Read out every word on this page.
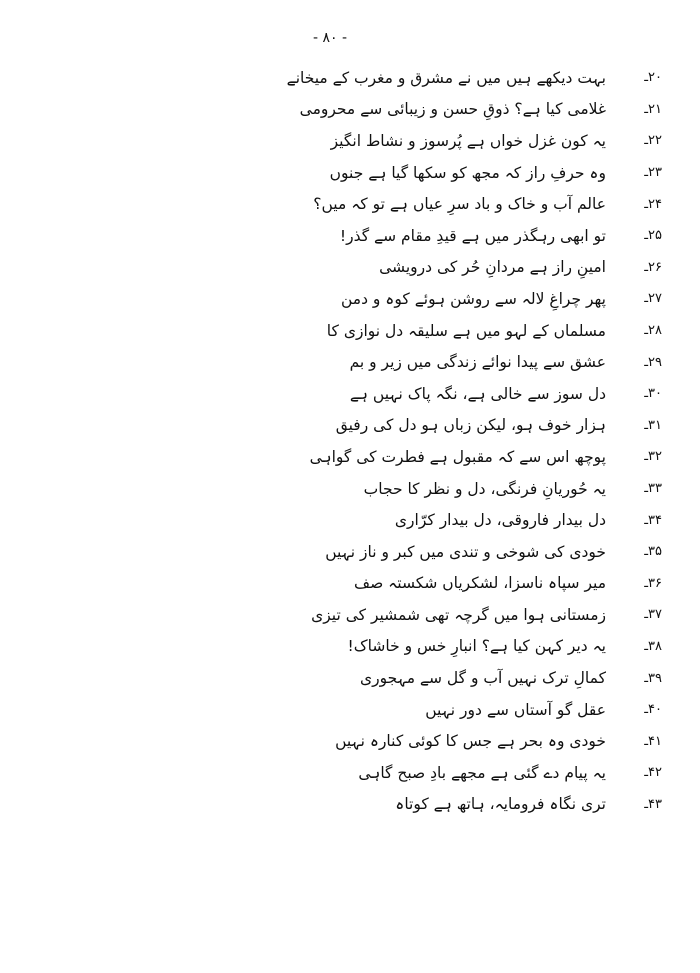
- ۸۰ -
۲۰ـ
بہت دیکھے ہیں میں نے مشرق و مغرب کے میخانے
۲۱ـ
غلامی کیا ہے؟ ذوقِ حسن و زیبائی سے محرومی
۲۲ـ
یہ کون غزل خواں ہے پُرسوز و نشاط انگیز
۲۳ـ
وہ حرفِ راز کہ مجھ کو سکھا گیا ہے جنوں
۲۴ـ
عالم آب و خاک و باد سرِ عیاں ہے تو کہ میں؟
۲۵ـ
تو ابھی رہگذر میں ہے قیدِ مقام سے گذر!
۲۶ـ
امینِ راز ہے مردانِ حُر کی درویشی
۲۷ـ
پھر چراغِ لالہ سے روشن ہوئے کوہ و دمن
۲۸ـ
مسلماں کے لہو میں ہے سلیقہ دل نوازی کا
۲۹ـ
عشق سے پیدا نوائے زندگی میں زیر و بم
۳۰ـ
دل سوز سے خالی ہے، نگہ پاک نہیں ہے
۳۱ـ
ہزار خوف ہو، لیکن زباں ہو دل کی رفیق
۳۲ـ
پوچھ اس سے کہ مقبول ہے فطرت کی گواہی
۳۳ـ
یہ حُوریانِ فرنگی، دل و نظر کا حجاب
۳۴ـ
دل بیدار فاروقی، دل بیدار کرّاری
۳۵ـ
خودی کی شوخی و تندی میں کبر و ناز نہیں
۳۶ـ
میر سپاہ ناسزا، لشکریاں شکستہ صف
۳۷ـ
زمستانی ہوا میں گرچہ تھی شمشیر کی تیزی
۳۸ـ
یہ دیر کہن کیا ہے؟ انبارِ خس و خاشاک!
۳۹ـ
کمالِ ترک نہیں آب و گل سے مہجوری
۴۰ـ
عقل گو آستاں سے دور نہیں
۴۱ـ
خودی وہ بحر ہے جس کا کوئی کنارہ نہیں
۴۲ـ
یہ پیام دے گئی ہے مجھے بادِ صبح گاہی
۴۳ـ
تری نگاہ فرومایہ، ہاتھ ہے کوتاہ
